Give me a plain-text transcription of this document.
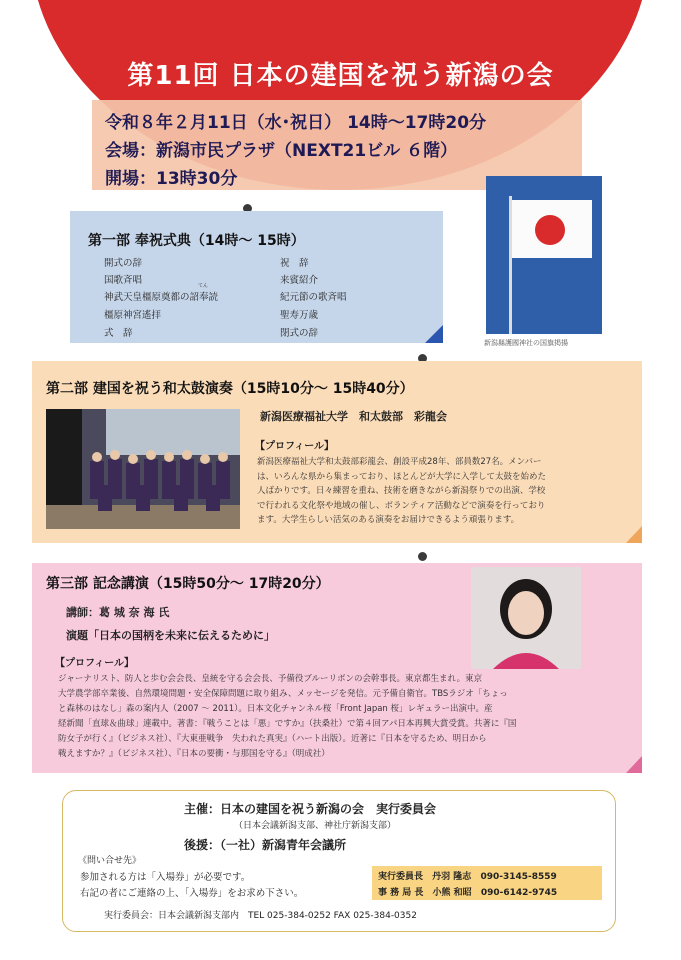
第11回 日本の建国を祝う新潟の会
令和８年２月11日（水･祝日） 14時〜17時20分
会場：新潟市民プラザ（NEXT21ビル ６階）
開場：13時30分
第一部 奉祝式典（14時〜 15時）
開式の辞
国歌斉唱	てん
神武天皇橿原奠都の詔奉読
橿原神宮遙拝
式　辞
祝　辞
来賓紹介
紀元節の歌斉唱
聖寿万歳
閉式の辞
新潟縣護國神社の国旗掲揚
第二部 建国を祝う和太鼓演奏（15時10分〜 15時40分）
新潟医療福祉大学　和太鼓部　彩龍会
【プロフィール】
新潟医療福祉大学和太鼓部彩龍会、創設平成28年、部員数27名。メンバー
は、いろんな県から集まっており、ほとんどが大学に入学して太鼓を始めた
人ばかりです。日々練習を重ね、技術を磨きながら新潟祭りでの出演、学校
で行われる文化祭や地域の催し、ボランティア活動などで演奏を行っており
ます。大学生らしい活気のある演奏をお届けできるよう頑張ります。
第三部 記念講演（15時50分〜 17時20分）
講師：葛 城 奈 海 氏
演題「日本の国柄を未来に伝えるために」
【プロフィール】
ジャーナリスト、防人と歩む会会長、皇統を守る会会長、予備役ブルーリボンの会幹事長。東京都生まれ。東京
大学農学部卒業後、自然環境問題・安全保障問題に取り組み、メッセージを発信。元予備自衛官。TBSラジオ「ちょっ
と森林のはなし」森の案内人（2007 〜 2011）。日本文化チャンネル桜「Front Japan 桜」レギュラー出演中。産
経新聞「直球＆曲球」連載中。著書：『戦うことは「悪」ですか』（扶桑社）で第４回アパ日本再興大賞受賞。共著に『国
防女子が行く』（ビジネス社）、『大東亜戦争　失われた真実』（ハート出版）。近著に『日本を守るため、明日から
戦えますか？』（ビジネス社）、『日本の要衝・与那国を守る』（明成社）
主催：日本の建国を祝う新潟の会　実行委員会
（日本会議新潟支部、神社庁新潟支部）
後援：（一社）新潟青年会議所
《問い合せ先》
参加される方は「入場券」が必要です。
右記の者にご連絡の上、「入場券」をお求め下さい。
実行委員長 丹羽 隆志 090-3145-8559
事 務 局 長 小熊 和昭 090-6142-9745
実行委員会：日本会議新潟支部内　TEL 025-384-0252 FAX 025-384-0352
